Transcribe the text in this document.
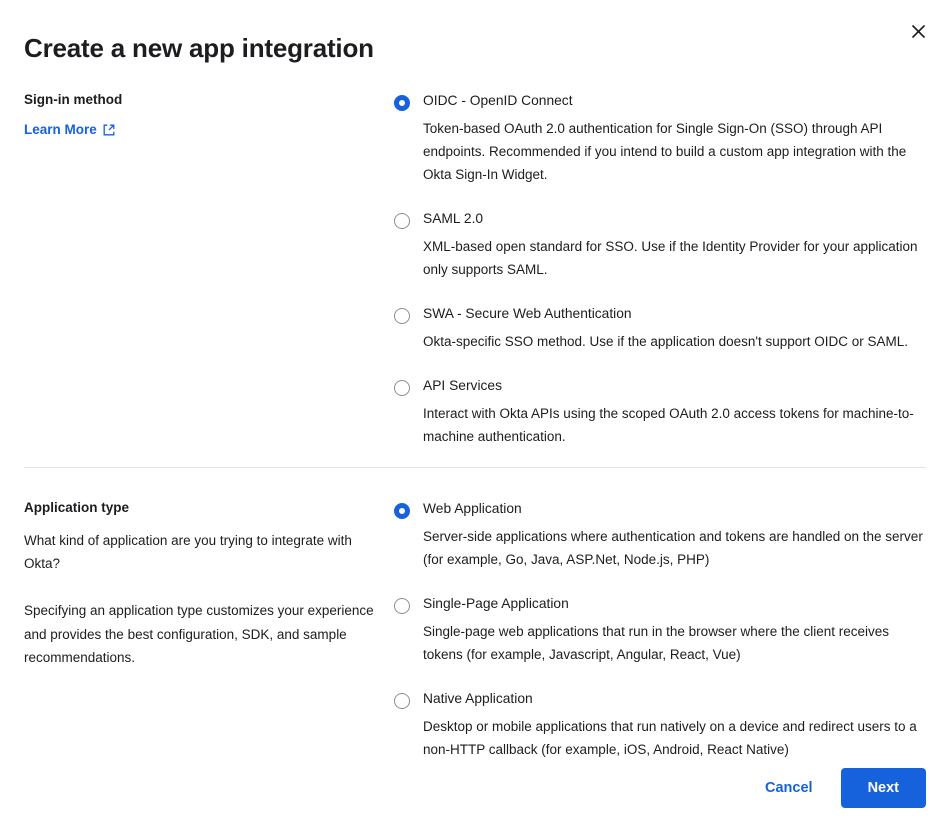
Create a new app integration
Sign-in method
Learn More
OIDC - OpenID Connect

Token-based OAuth 2.0 authentication for Single Sign-On (SSO) through API endpoints. Recommended if you intend to build a custom app integration with the Okta Sign-In Widget.

SAML 2.0

XML-based open standard for SSO. Use if the Identity Provider for your application only supports SAML.

SWA - Secure Web Authentication

Okta-specific SSO method. Use if the application doesn't support OIDC or SAML.

API Services

Interact with Okta APIs using the scoped OAuth 2.0 access tokens for machine-to-machine authentication.

Application type

What kind of application are you trying to integrate with Okta?

Specifying an application type customizes your experience and provides the best configuration, SDK, and sample recommendations.

Web Application

Server-side applications where authentication and tokens are handled on the server (for example, Go, Java, ASP.Net, Node.js, PHP)

Single-Page Application

Single-page web applications that run in the browser where the client receives tokens (for example, Javascript, Angular, React, Vue)

Native Application

Desktop or mobile applications that run natively on a device and redirect users to a non-HTTP callback (for example, iOS, Android, React Native)

Cancel	Next
